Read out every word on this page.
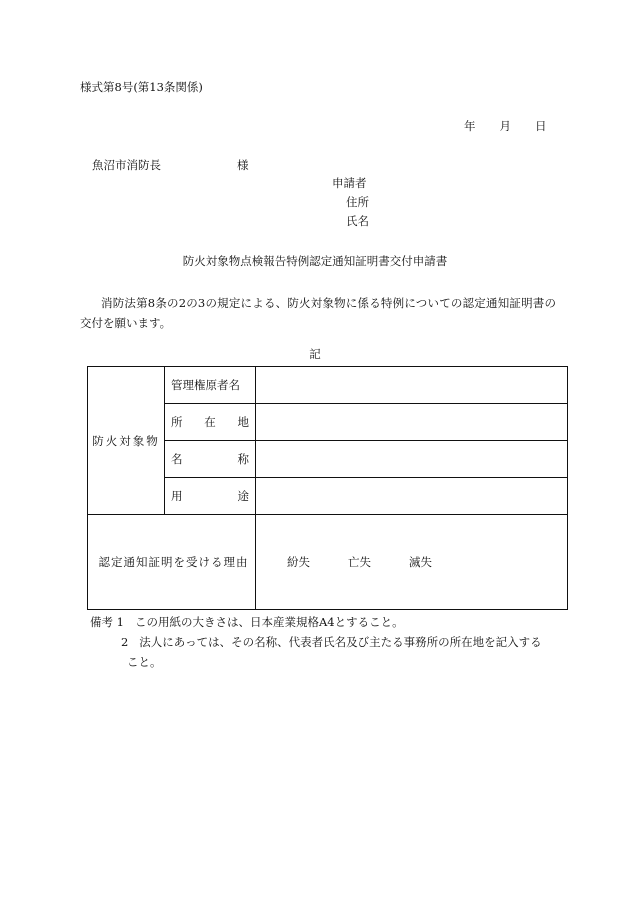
様式第8号(第13条関係)
年 月 日
魚沼市消防長	様
申請者
住所
氏名
防火対象物点検報告特例認定通知証明書交付申請書
消防法第8条の2の3の規定による、防火対象物に係る特例についての認定通知証明書の交付を願います。
記
防火対象物	管理権原者名	

	所 在 地	

	名 称	

	用 途	

認定通知証明を受ける理由		紛失 亡失 滅失
備考 1 この用紙の大きさは、日本産業規格A4とすること。
2 法人にあっては、その名称、代表者氏名及び主たる事務所の所在地を記入する
こと。
